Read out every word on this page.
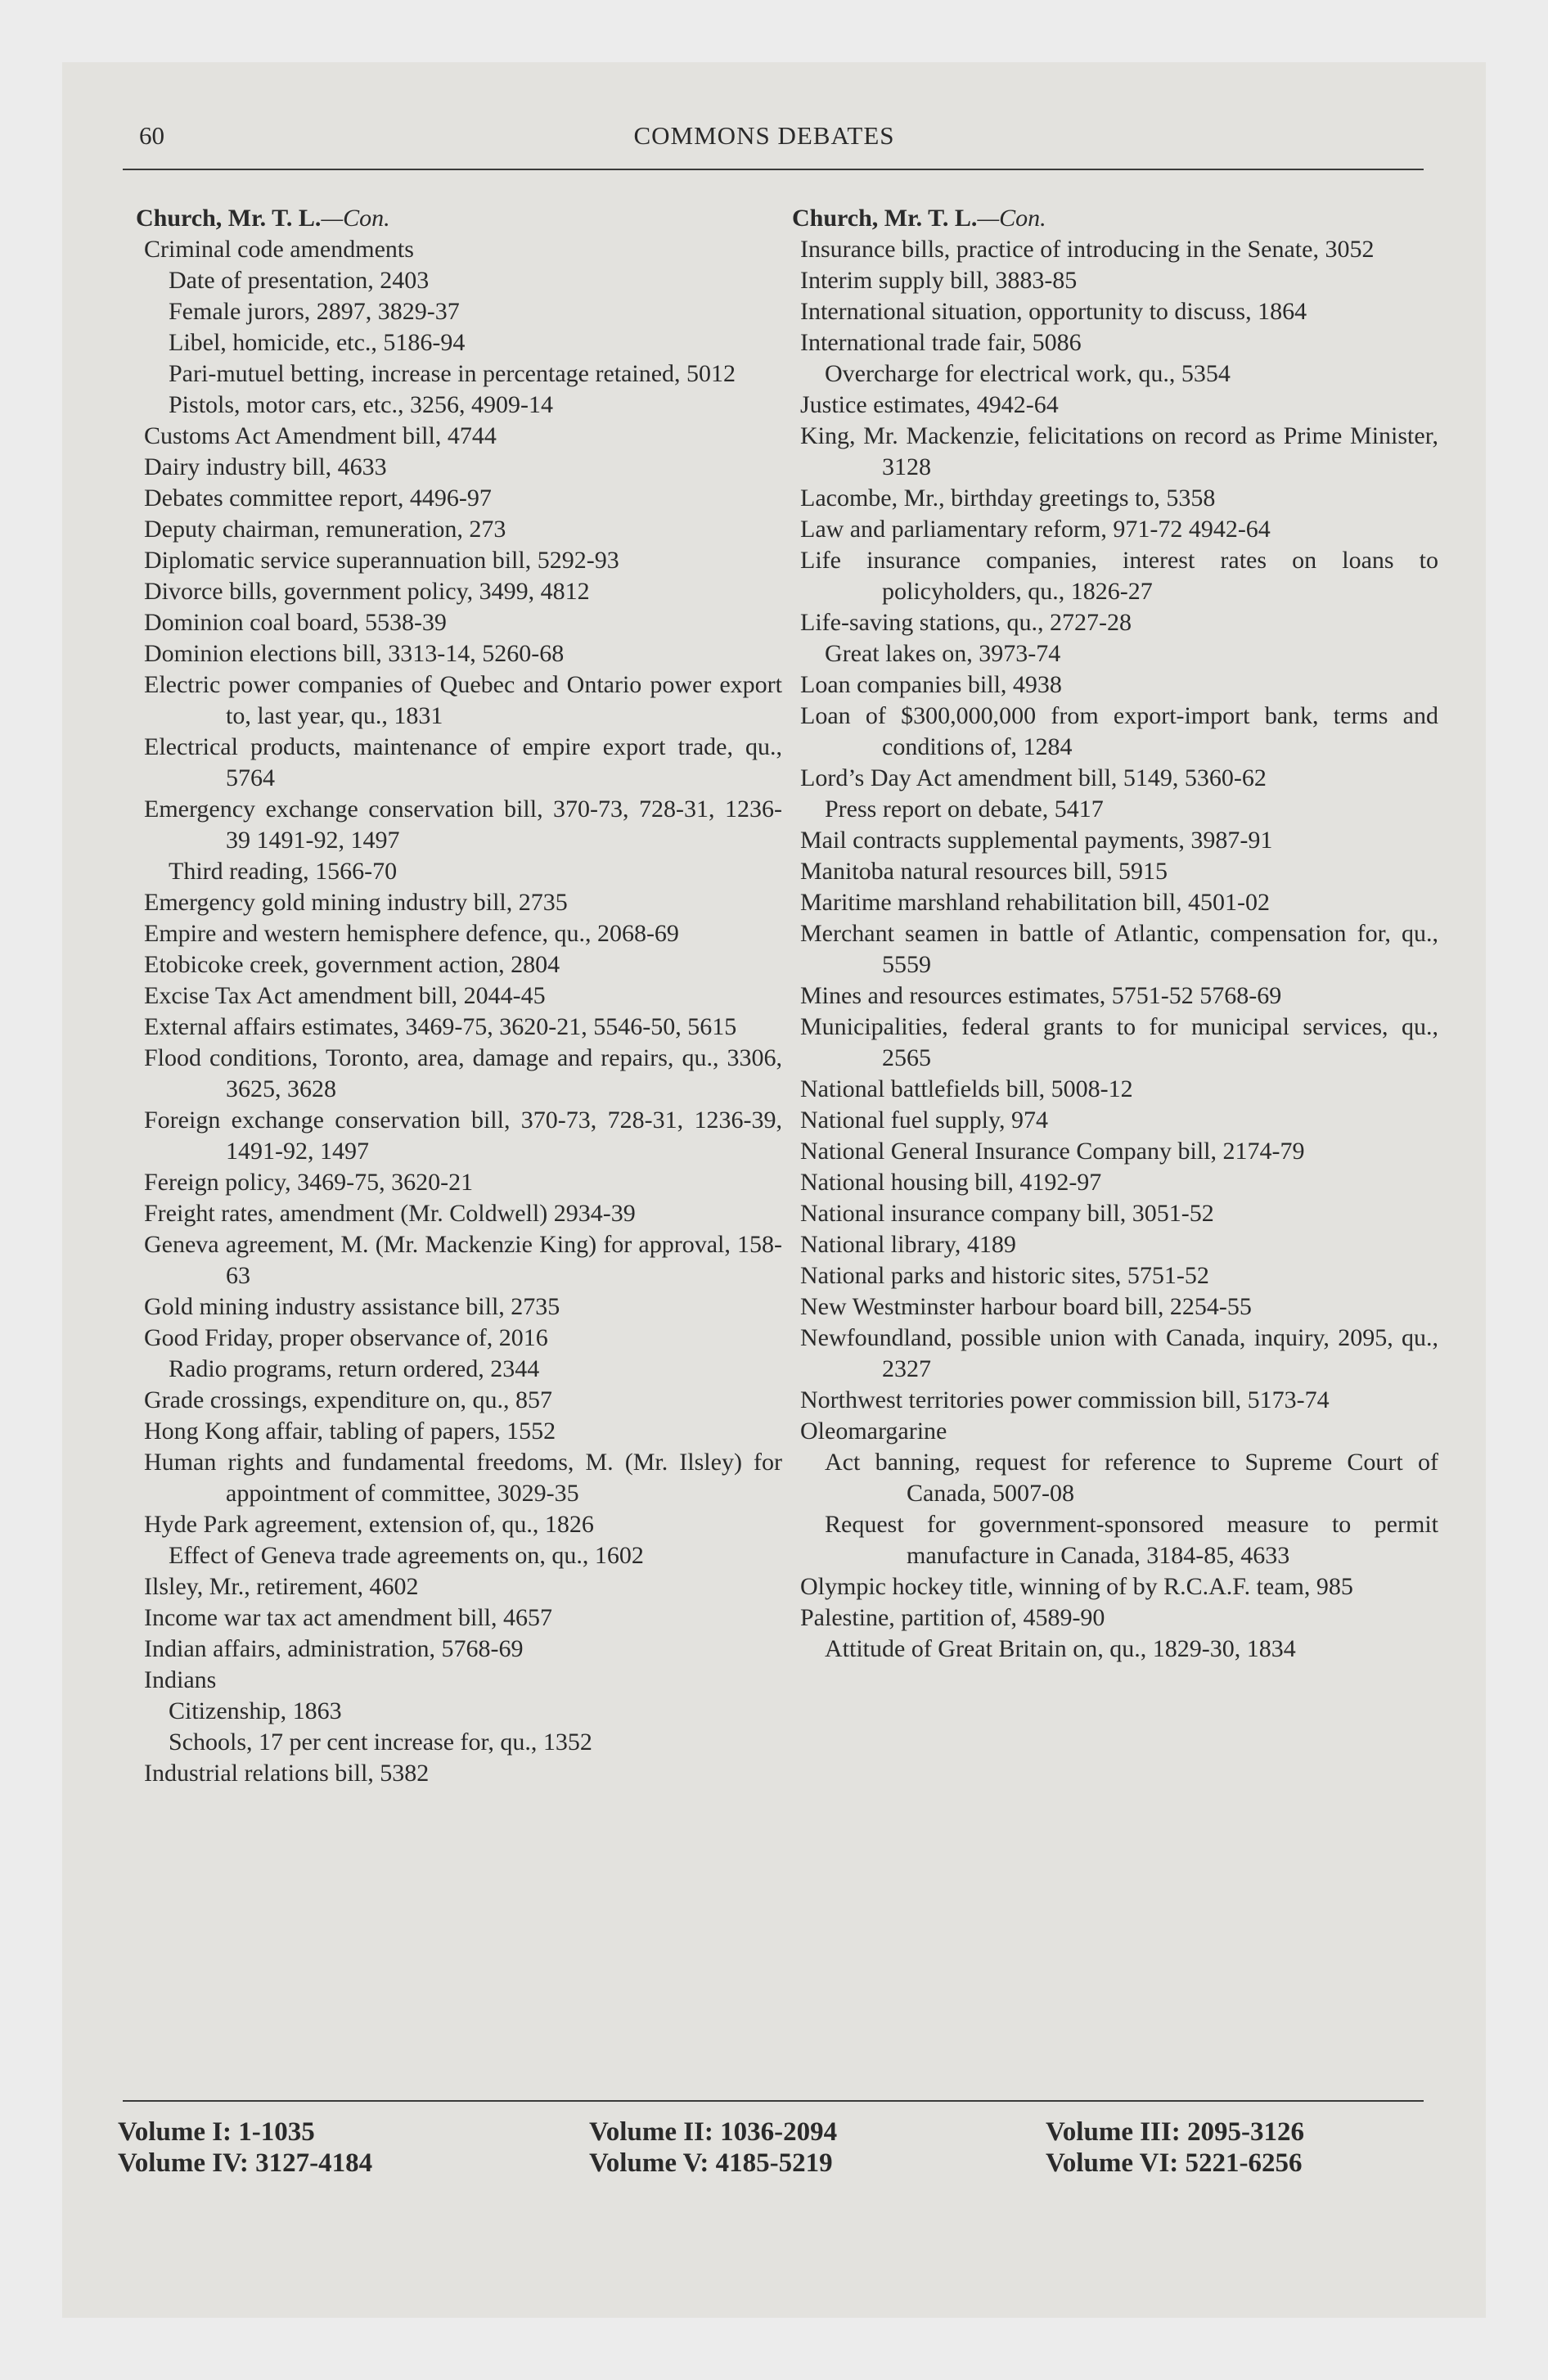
60	COMMONS DEBATES
Church, Mr. T. L.—Con.
Criminal code amendments
Date of presentation, 2403
Female jurors, 2897, 3829-37
Libel, homicide, etc., 5186-94
Pari-mutuel betting, increase in percentage retained, 5012
Pistols, motor cars, etc., 3256, 4909-14
Customs Act Amendment bill, 4744
Dairy industry bill, 4633
Debates committee report, 4496-97
Deputy chairman, remuneration, 273
Diplomatic service superannuation bill, 5292-93
Divorce bills, government policy, 3499, 4812
Dominion coal board, 5538-39
Dominion elections bill, 3313-14, 5260-68
Electric power companies of Quebec and Ontario power export to, last year, qu., 1831
Electrical products, maintenance of empire export trade, qu., 5764
Emergency exchange conservation bill, 370-73, 728-31, 1236-39 1491-92, 1497
Third reading, 1566-70
Emergency gold mining industry bill, 2735
Empire and western hemisphere defence, qu., 2068-69
Etobicoke creek, government action, 2804
Excise Tax Act amendment bill, 2044-45
External affairs estimates, 3469-75, 3620-21, 5546-50, 5615
Flood conditions, Toronto, area, damage and repairs, qu., 3306, 3625, 3628
Foreign exchange conservation bill, 370-73, 728-31, 1236-39, 1491-92, 1497
Fereign policy, 3469-75, 3620-21
Freight rates, amendment (Mr. Coldwell) 2934-39
Geneva agreement, M. (Mr. Mackenzie King) for approval, 158-63
Gold mining industry assistance bill, 2735
Good Friday, proper observance of, 2016
Radio programs, return ordered, 2344
Grade crossings, expenditure on, qu., 857
Hong Kong affair, tabling of papers, 1552
Human rights and fundamental freedoms, M. (Mr. Ilsley) for appointment of committee, 3029-35
Hyde Park agreement, extension of, qu., 1826
Effect of Geneva trade agreements on, qu., 1602
Ilsley, Mr., retirement, 4602
Income war tax act amendment bill, 4657
Indian affairs, administration, 5768-69
Indians
Citizenship, 1863
Schools, 17 per cent increase for, qu., 1352
Industrial relations bill, 5382
Church, Mr. T. L.—Con.
Insurance bills, practice of introducing in the Senate, 3052
Interim supply bill, 3883-85
International situation, opportunity to discuss, 1864
International trade fair, 5086
Overcharge for electrical work, qu., 5354
Justice estimates, 4942-64
King, Mr. Mackenzie, felicitations on record as Prime Minister, 3128
Lacombe, Mr., birthday greetings to, 5358
Law and parliamentary reform, 971-72 4942-64
Life insurance companies, interest rates on loans to policyholders, qu., 1826-27
Life-saving stations, qu., 2727-28
Great lakes on, 3973-74
Loan companies bill, 4938
Loan of $300,000,000 from export-import bank, terms and conditions of, 1284
Lord’s Day Act amendment bill, 5149, 5360-62
Press report on debate, 5417
Mail contracts supplemental payments, 3987-91
Manitoba natural resources bill, 5915
Maritime marshland rehabilitation bill, 4501-02
Merchant seamen in battle of Atlantic, compensation for, qu., 5559
Mines and resources estimates, 5751-52 5768-69
Municipalities, federal grants to for municipal services, qu., 2565
National battlefields bill, 5008-12
National fuel supply, 974
National General Insurance Company bill, 2174-79
National housing bill, 4192-97
National insurance company bill, 3051-52
National library, 4189
National parks and historic sites, 5751-52
New Westminster harbour board bill, 2254-55
Newfoundland, possible union with Canada, inquiry, 2095, qu., 2327
Northwest territories power commission bill, 5173-74
Oleomargarine
Act banning, request for reference to Supreme Court of Canada, 5007-08
Request for government-sponsored measure to permit manufacture in Canada, 3184-85, 4633
Olympic hockey title, winning of by R.C.A.F. team, 985
Palestine, partition of, 4589-90
Attitude of Great Britain on, qu., 1829-30, 1834
Volume I: 1-1035
Volume IV: 3127-4184
Volume II: 1036-2094
Volume V: 4185-5219
Volume III: 2095-3126
Volume VI: 5221-6256
